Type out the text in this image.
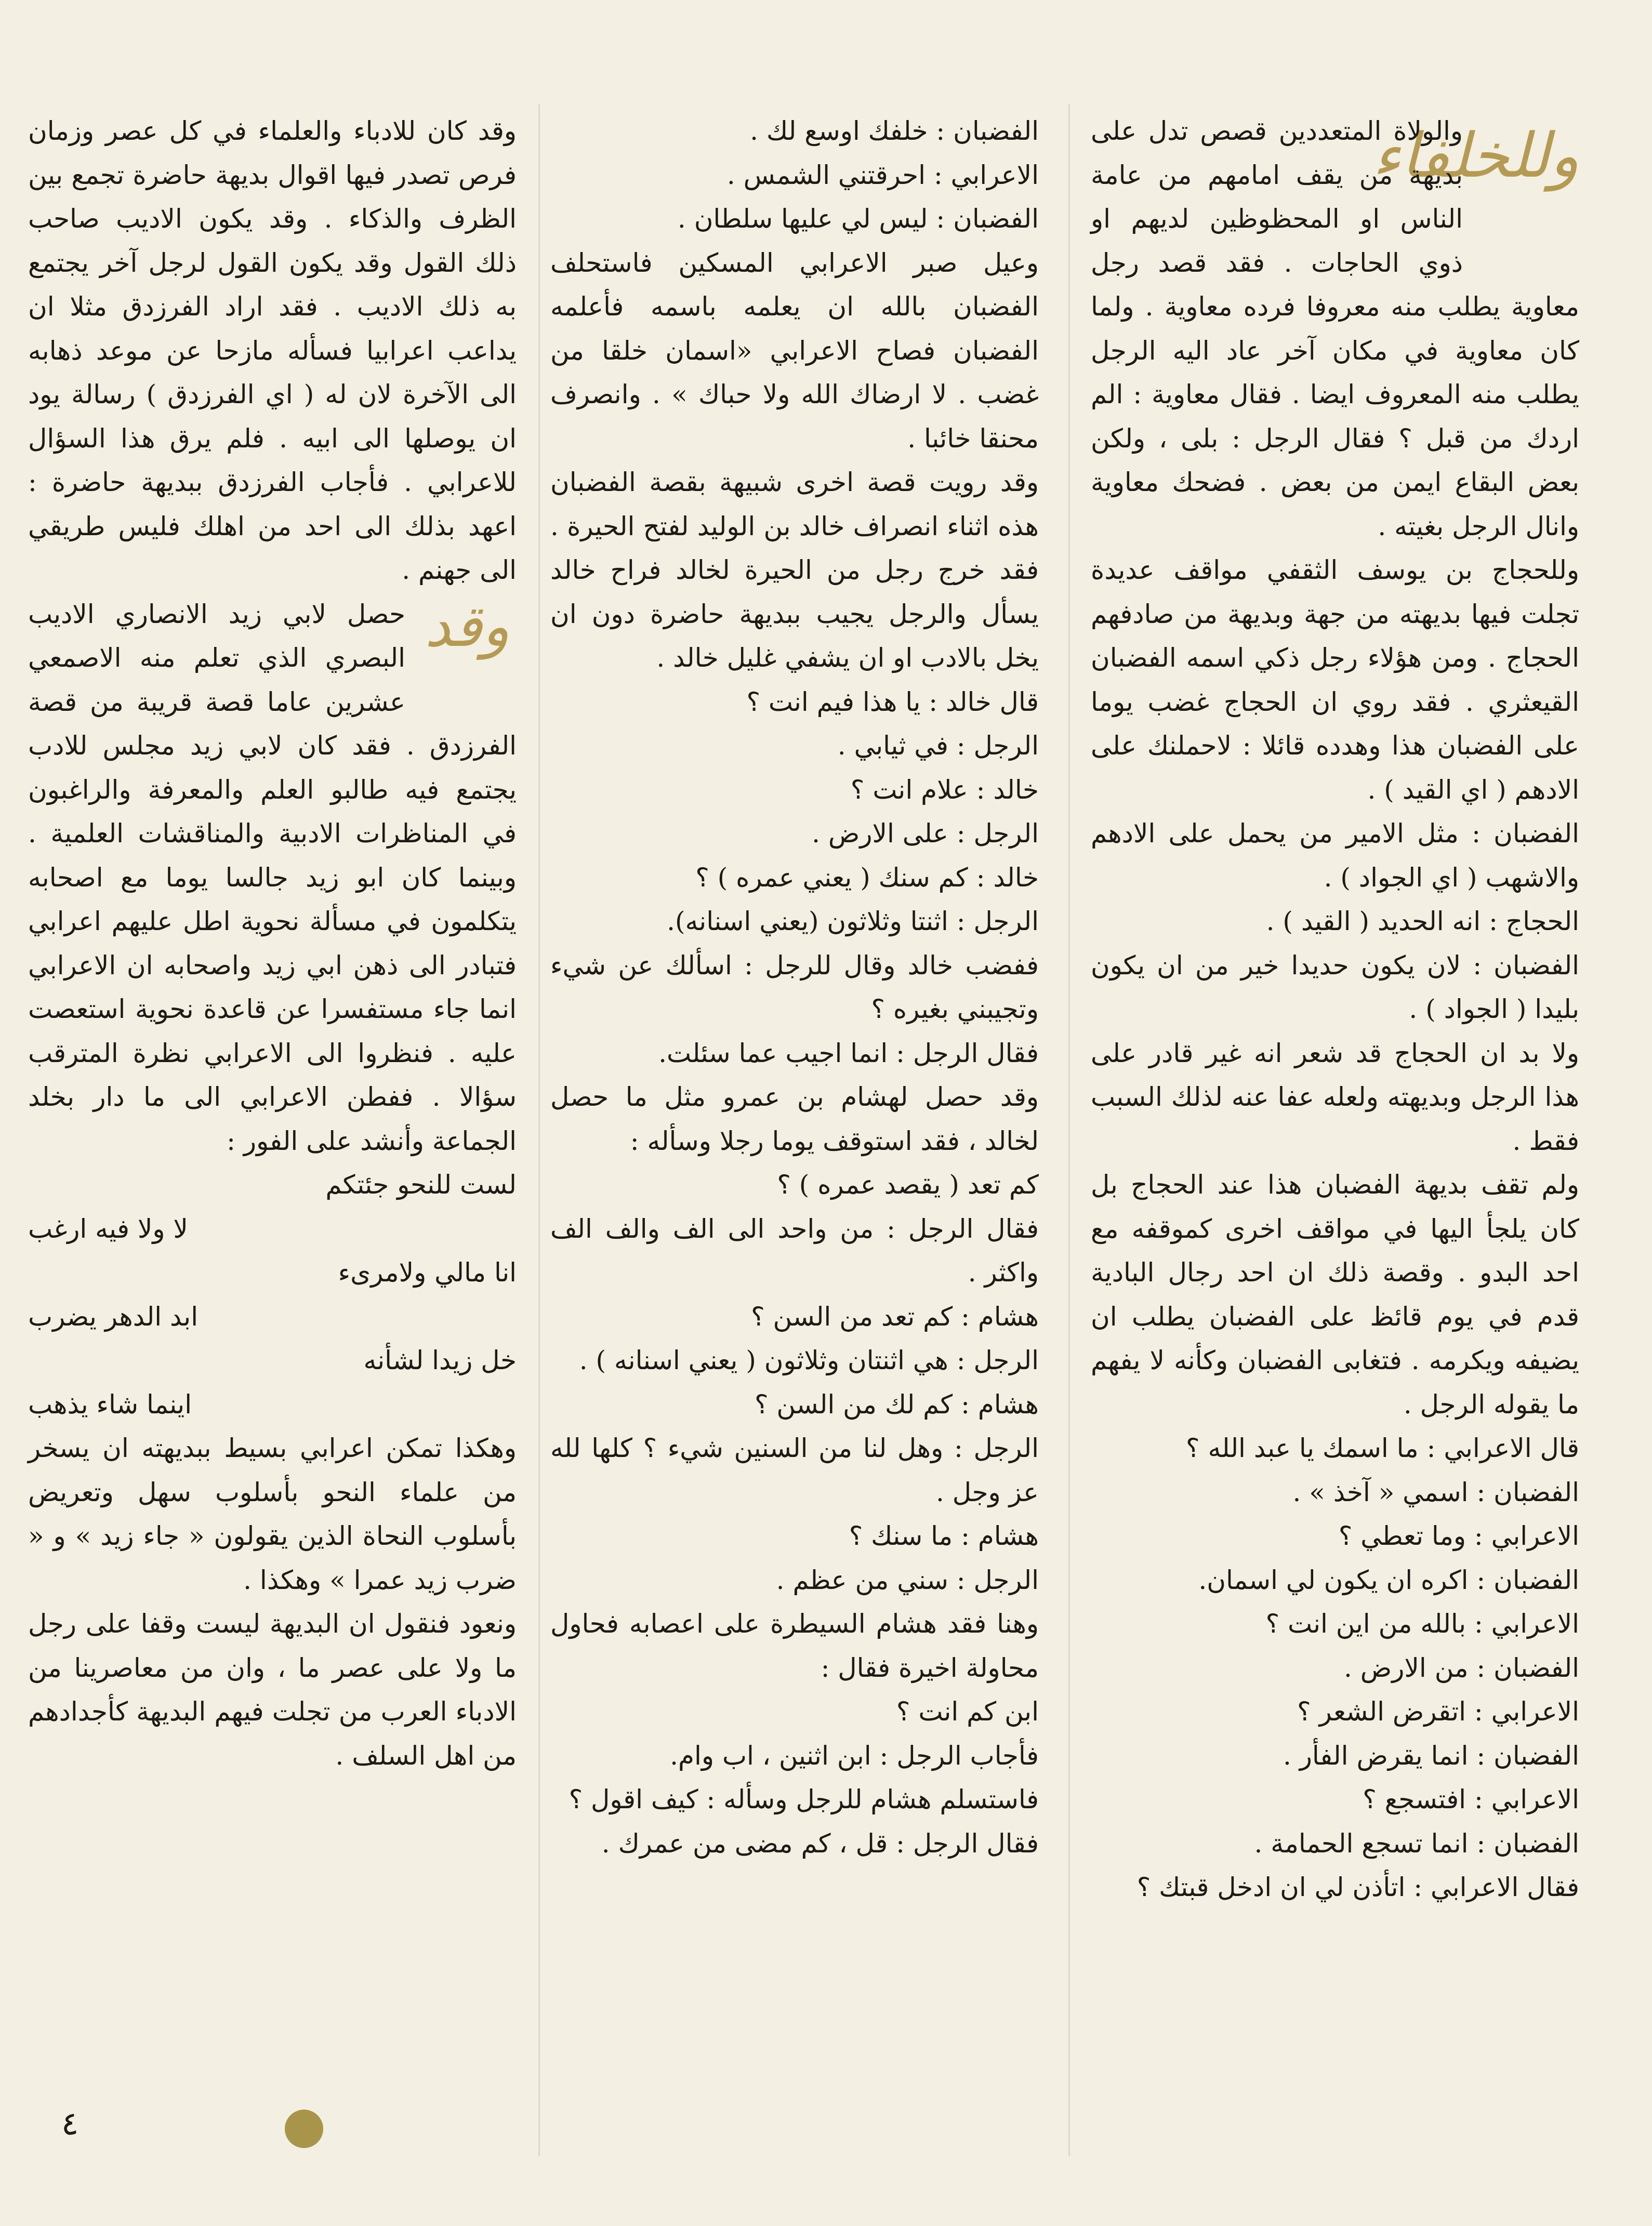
وللخلفاء

والولاة المتعددين قصص تدل على بديهة من يقف امامهم من عامة الناس او المحظوظين لديهم او ذوي الحاجات . فقد قصد رجل معاوية يطلب منه معروفا فرده معاوية . ولما كان معاوية في مكان آخر عاد اليه الرجل يطلب منه المعروف ايضا . فقال معاوية : الم اردك من قبل ؟ فقال الرجل : بلى ، ولكن بعض البقاع ايمن من بعض . فضحك معاوية وانال الرجل بغيته .

وللحجاج بن يوسف الثقفي مواقف عديدة تجلت فيها بديهته من جهة وبديهة من صادفهم الحجاج . ومن هؤلاء رجل ذكي اسمه الفضبان القيعثري . فقد روي ان الحجاج غضب يوما على الفضبان هذا وهدده قائلا : لاحملنك على الادهم ( اي القيد ) .

الفضبان : مثل الامير من يحمل على الادهم والاشهب ( اي الجواد ) .

الحجاج : انه الحديد ( القيد ) .

الفضبان : لان يكون حديدا خير من ان يكون بليدا ( الجواد ) .

ولا بد ان الحجاج قد شعر انه غير قادر على هذا الرجل وبديهته ولعله عفا عنه لذلك السبب فقط .

ولم تقف بديهة الفضبان هذا عند الحجاج بل كان يلجأ اليها في مواقف اخرى كموقفه مع احد البدو . وقصة ذلك ان احد رجال البادية قدم في يوم قائظ على الفضبان يطلب ان يضيفه ويكرمه . فتغابى الفضبان وكأنه لا يفهم ما يقوله الرجل .

قال الاعرابي : ما اسمك يا عبد الله ؟

الفضبان : اسمي « آخذ » .

الاعرابي : وما تعطي ؟

الفضبان : اكره ان يكون لي اسمان.

الاعرابي : بالله من اين انت ؟

الفضبان : من الارض .

الاعرابي : اتقرض الشعر ؟

الفضبان : انما يقرض الفأر .

الاعرابي : افتسجع ؟

الفضبان : انما تسجع الحمامة .

فقال الاعرابي : اتأذن لي ان ادخل قبتك ؟

الفضبان : خلفك اوسع لك .

الاعرابي : احرقتني الشمس .

الفضبان : ليس لي عليها سلطان .

وعيل صبر الاعرابي المسكين فاستحلف الفضبان بالله ان يعلمه باسمه فأعلمه الفضبان فصاح الاعرابي «اسمان خلقا من غضب . لا ارضاك الله ولا حباك » . وانصرف محنقا خائبا .

وقد رويت قصة اخرى شبيهة بقصة الفضبان هذه اثناء انصراف خالد بن الوليد لفتح الحيرة . فقد خرج رجل من الحيرة لخالد فراح خالد يسأل والرجل يجيب ببديهة حاضرة دون ان يخل بالادب او ان يشفي غليل خالد .

قال خالد : يا هذا فيم انت ؟

الرجل : في ثيابي .

خالد : علام انت ؟

الرجل : على الارض .

خالد : كم سنك ( يعني عمره ) ؟

الرجل : اثنتا وثلاثون (يعني اسنانه).

ففضب خالد وقال للرجل : اسألك عن شيء وتجيبني بغيره ؟

فقال الرجل : انما اجيب عما سئلت.

وقد حصل لهشام بن عمرو مثل ما حصل لخالد ، فقد استوقف يوما رجلا وسأله :

كم تعد ( يقصد عمره ) ؟

فقال الرجل : من واحد الى الف والف الف واكثر .

هشام : كم تعد من السن ؟

الرجل : هي اثنتان وثلاثون ( يعني اسنانه ) .

هشام : كم لك من السن ؟

الرجل : وهل لنا من السنين شيء ؟ كلها لله عز وجل .

هشام : ما سنك ؟

الرجل : سني من عظم .

وهنا فقد هشام السيطرة على اعصابه فحاول محاولة اخيرة فقال :

ابن كم انت ؟

فأجاب الرجل : ابن اثنين ، اب وام.

فاستسلم هشام للرجل وسأله : كيف اقول ؟

فقال الرجل : قل ، كم مضى من عمرك .

وقد كان للادباء والعلماء في كل عصر وزمان فرص تصدر فيها اقوال بديهة حاضرة تجمع بين الظرف والذكاء . وقد يكون الاديب صاحب ذلك القول وقد يكون القول لرجل آخر يجتمع به ذلك الاديب . فقد اراد الفرزدق مثلا ان يداعب اعرابيا فسأله مازحا عن موعد ذهابه الى الآخرة لان له ( اي الفرزدق ) رسالة يود ان يوصلها الى ابيه . فلم يرق هذا السؤال للاعرابي . فأجاب الفرزدق ببديهة حاضرة : اعهد بذلك الى احد من اهلك فليس طريقي الى جهنم .

وقد

حصل لابي زيد الانصاري الاديب البصري الذي تعلم منه الاصمعي عشرين عاما قصة قريبة من قصة الفرزدق . فقد كان لابي زيد مجلس للادب يجتمع فيه طالبو العلم والمعرفة والراغبون في المناظرات الادبية والمناقشات العلمية . وبينما كان ابو زيد جالسا يوما مع اصحابه يتكلمون في مسألة نحوية اطل عليهم اعرابي فتبادر الى ذهن ابي زيد واصحابه ان الاعرابي انما جاء مستفسرا عن قاعدة نحوية استعصت عليه . فنظروا الى الاعرابي نظرة المترقب سؤالا . ففطن الاعرابي الى ما دار بخلد الجماعة وأنشد على الفور :

لست للنحو جئتكم
لا ولا فيه ارغب
انا مالي ولامرىء
ابد الدهر يضرب
خل زيدا لشأنه
اينما شاء يذهب

وهكذا تمكن اعرابي بسيط ببديهته ان يسخر من علماء النحو بأسلوب سهل وتعريض بأسلوب النحاة الذين يقولون « جاء زيد » و « ضرب زيد عمرا » وهكذا .

ونعود فنقول ان البديهة ليست وقفا على رجل ما ولا على عصر ما ، وان من معاصرينا من الادباء العرب من تجلت فيهم البديهة كأجدادهم من اهل السلف .

٤
